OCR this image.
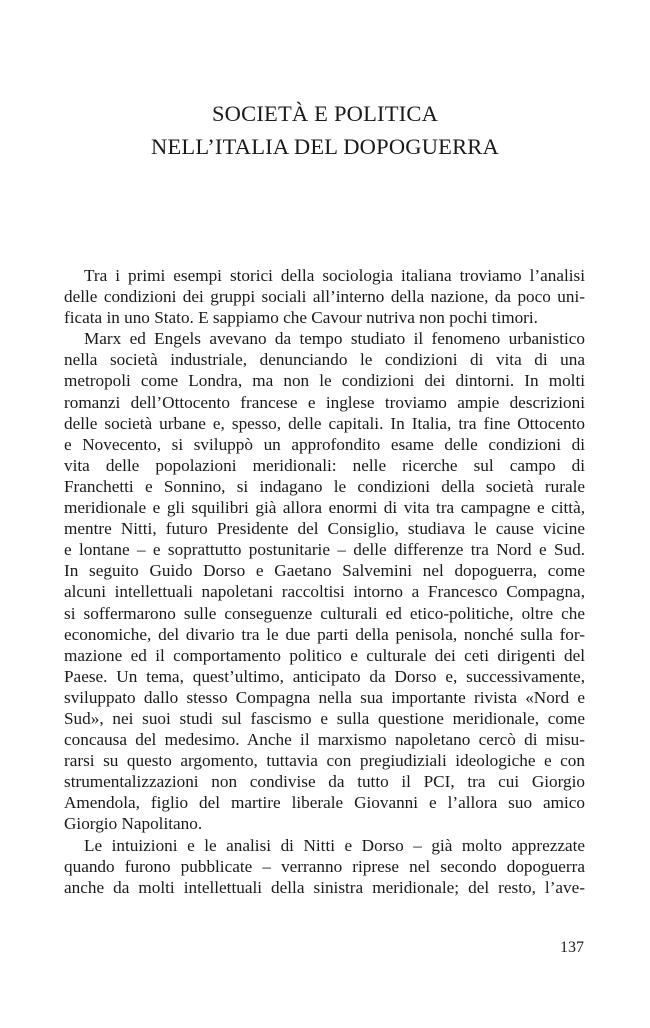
SOCIETÀ E POLITICA
NELL’ITALIA DEL DOPOGUERRA
Tra i primi esempi storici della sociologia italiana troviamo l’analisi
delle condizioni dei gruppi sociali all’interno della nazione, da poco uni-
ficata in uno Stato. E sappiamo che Cavour nutriva non pochi timori.
Marx ed Engels avevano da tempo studiato il fenomeno urbanistico
nella società industriale, denunciando le condizioni di vita di una
metropoli come Londra, ma non le condizioni dei dintorni. In molti
romanzi dell’Ottocento francese e inglese troviamo ampie descrizioni
delle società urbane e, spesso, delle capitali. In Italia, tra fine Ottocento
e Novecento, si sviluppò un approfondito esame delle condizioni di
vita delle popolazioni meridionali: nelle ricerche sul campo di
Franchetti e Sonnino, si indagano le condizioni della società rurale
meridionale e gli squilibri già allora enormi di vita tra campagne e città,
mentre Nitti, futuro Presidente del Consiglio, studiava le cause vicine
e lontane – e soprattutto postunitarie – delle differenze tra Nord e Sud.
In seguito Guido Dorso e Gaetano Salvemini nel dopoguerra, come
alcuni intellettuali napoletani raccoltisi intorno a Francesco Compagna,
si soffermarono sulle conseguenze culturali ed etico-politiche, oltre che
economiche, del divario tra le due parti della penisola, nonché sulla for-
mazione ed il comportamento politico e culturale dei ceti dirigenti del
Paese. Un tema, quest’ultimo, anticipato da Dorso e, successivamente,
sviluppato dallo stesso Compagna nella sua importante rivista «Nord e
Sud», nei suoi studi sul fascismo e sulla questione meridionale, come
concausa del medesimo. Anche il marxismo napoletano cercò di misu-
rarsi su questo argomento, tuttavia con pregiudiziali ideologiche e con
strumentalizzazioni non condivise da tutto il PCI, tra cui Giorgio
Amendola, figlio del martire liberale Giovanni e l’allora suo amico
Giorgio Napolitano.
Le intuizioni e le analisi di Nitti e Dorso – già molto apprezzate
quando furono pubblicate – verranno riprese nel secondo dopoguerra
anche da molti intellettuali della sinistra meridionale; del resto, l’ave-
137
